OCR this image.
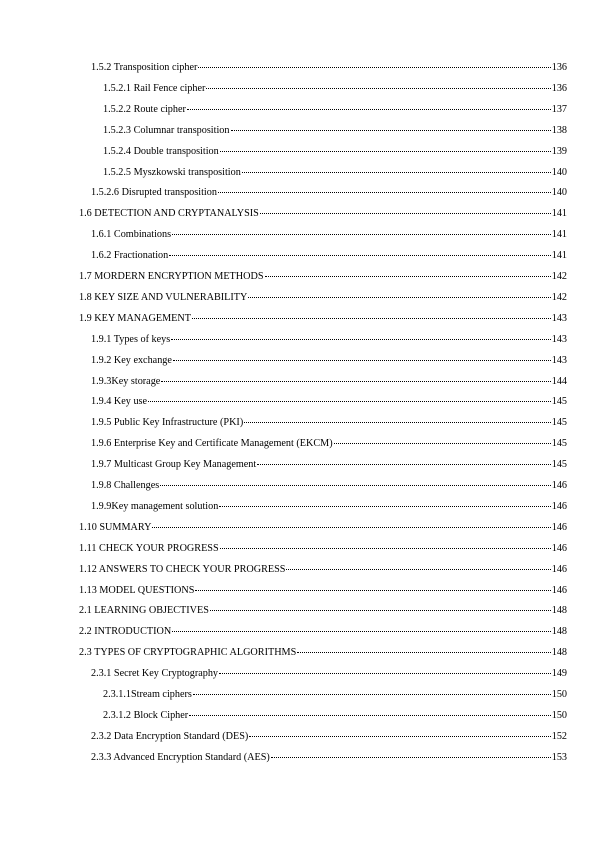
1.5.2 Transposition cipher	136
1.5.2.1 Rail Fence cipher	136
1.5.2.2 Route cipher	137
1.5.2.3 Columnar transposition	138
1.5.2.4 Double transposition	139
1.5.2.5 Myszkowski transposition	140
1.5.2.6 Disrupted transposition	140
1.6 DETECTION AND CRYPTANALYSIS	141
1.6.1 Combinations	141
1.6.2 Fractionation	141
1.7 MORDERN ENCRYPTION METHODS	142
1.8 KEY SIZE AND VULNERABILITY	142
1.9 KEY MANAGEMENT	143
1.9.1 Types of keys	143
1.9.2 Key exchange	143
1.9.3Key storage	144
1.9.4 Key use	145
1.9.5 Public Key Infrastructure (PKI)	145
1.9.6 Enterprise Key and Certificate Management (EKCM)	145
1.9.7 Multicast Group Key Management	145
1.9.8 Challenges	146
1.9.9Key management solution	146
1.10 SUMMARY	146
1.11 CHECK YOUR PROGRESS	146
1.12 ANSWERS TO CHECK YOUR PROGRESS	146
1.13 MODEL QUESTIONS	146
2.1 LEARNING OBJECTIVES	148
2.2 INTRODUCTION	148
2.3 TYPES OF CRYPTOGRAPHIC ALGORITHMS	148
2.3.1 Secret Key Cryptography	149
2.3.1.1Stream ciphers	150
2.3.1.2 Block Cipher	150
2.3.2 Data Encryption Standard (DES)	152
2.3.3 Advanced Encryption Standard (AES)	153
